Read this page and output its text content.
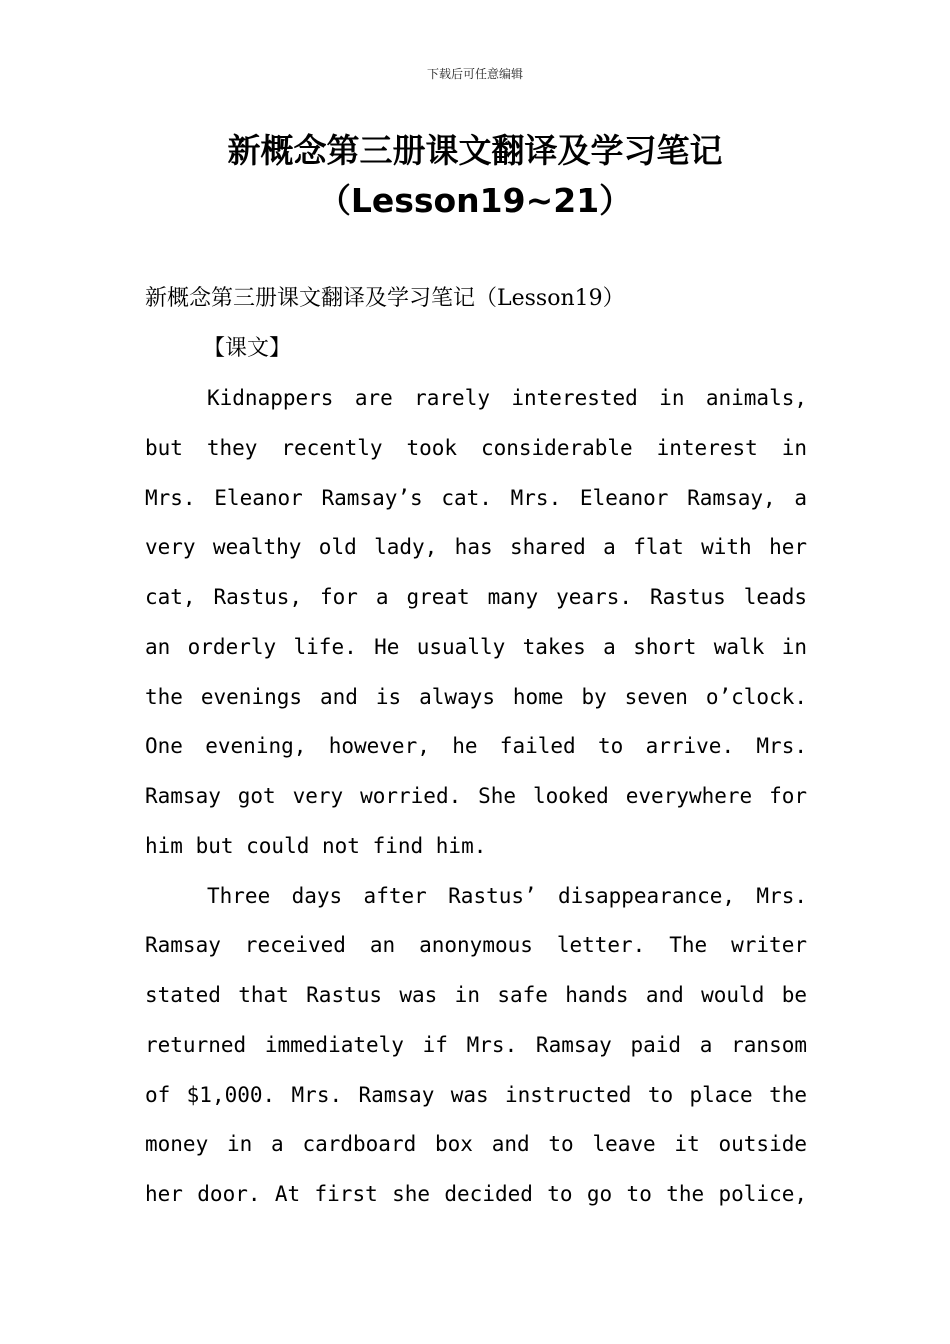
下载后可任意编辑
新概念第三册课文翻译及学习笔记
（Lesson19~21）

新概念第三册课文翻译及学习笔记（Lesson19）

【课文】

Kidnappers are rarely interested in animals,
but they recently took considerable interest in
Mrs. Eleanor Ramsay’s cat. Mrs. Eleanor Ramsay, a
very wealthy old lady, has shared a flat with her
cat, Rastus, for a great many years. Rastus leads
an orderly life. He usually takes a short walk in
the evenings and is always home by seven o’clock.
One evening, however, he failed to arrive. Mrs.
Ramsay got very worried. She looked everywhere for
him but could not find him.

Three days after Rastus’ disappearance, Mrs.
Ramsay received an anonymous letter. The writer
stated that Rastus was in safe hands and would be
returned immediately if Mrs. Ramsay paid a ransom
of $1,000. Mrs. Ramsay was instructed to place the
money in a cardboard box and to leave it outside
her door. At first she decided to go to the police,
